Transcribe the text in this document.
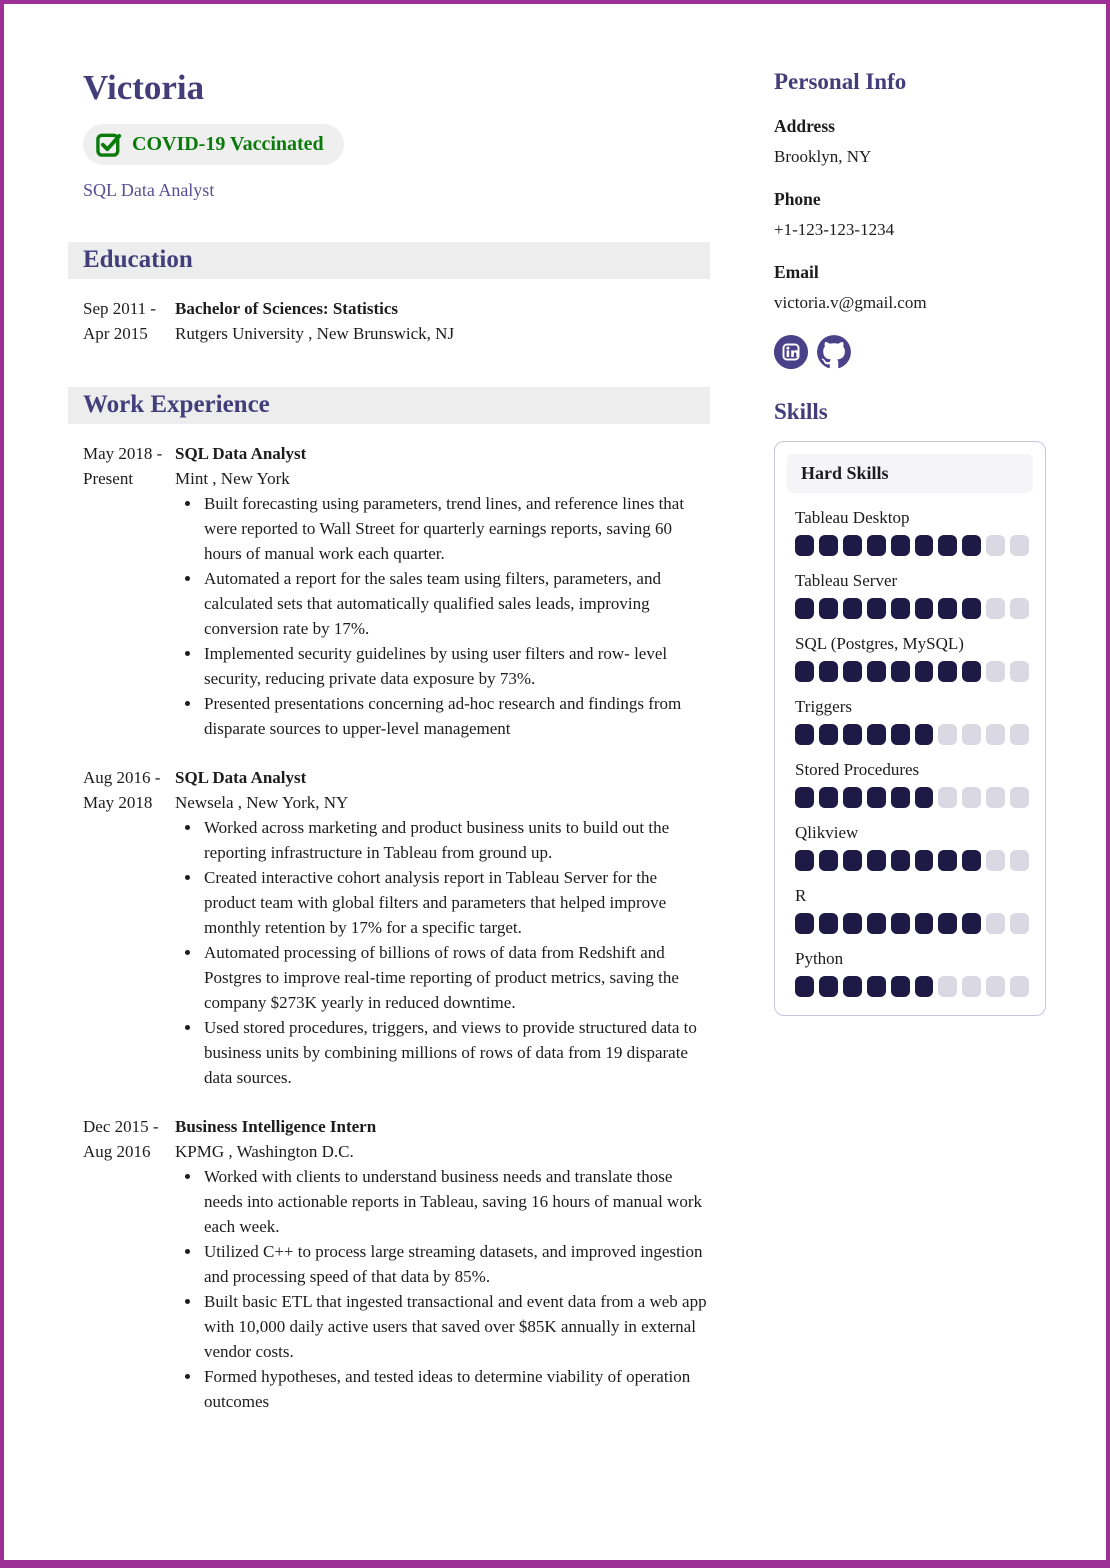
Victoria
COVID-19 Vaccinated
SQL Data Analyst
Education
Sep 2011 -
Apr 2015
Bachelor of Sciences: Statistics
Rutgers University , New Brunswick, NJ
Work Experience
May 2018 -
Present
SQL Data Analyst
Mint , New York
• Built forecasting using parameters, trend lines, and reference lines that were reported to Wall Street for quarterly earnings reports, saving 60 hours of manual work each quarter.
• Automated a report for the sales team using filters, parameters, and calculated sets that automatically qualified sales leads, improving conversion rate by 17%.
• Implemented security guidelines by using user filters and row- level security, reducing private data exposure by 73%.
• Presented presentations concerning ad-hoc research and findings from disparate sources to upper-level management
Aug 2016 -
May 2018
SQL Data Analyst
Newsela , New York, NY
• Worked across marketing and product business units to build out the reporting infrastructure in Tableau from ground up.
• Created interactive cohort analysis report in Tableau Server for the product team with global filters and parameters that helped improve monthly retention by 17% for a specific target.
• Automated processing of billions of rows of data from Redshift and Postgres to improve real-time reporting of product metrics, saving the company $273K yearly in reduced downtime.
• Used stored procedures, triggers, and views to provide structured data to business units by combining millions of rows of data from 19 disparate data sources.
Dec 2015 -
Aug 2016
Business Intelligence Intern
KPMG , Washington D.C.
• Worked with clients to understand business needs and translate those needs into actionable reports in Tableau, saving 16 hours of manual work each week.
• Utilized C++ to process large streaming datasets, and improved ingestion and processing speed of that data by 85%.
• Built basic ETL that ingested transactional and event data from a web app with 10,000 daily active users that saved over $85K annually in external vendor costs.
• Formed hypotheses, and tested ideas to determine viability of operation outcomes
Personal Info
Address
Brooklyn, NY
Phone
+1-123-123-1234
Email
victoria.v@gmail.com
Skills
Hard Skills
Tableau Desktop
Tableau Server
SQL (Postgres, MySQL)
Triggers
Stored Procedures
Qlikview
R
Python
